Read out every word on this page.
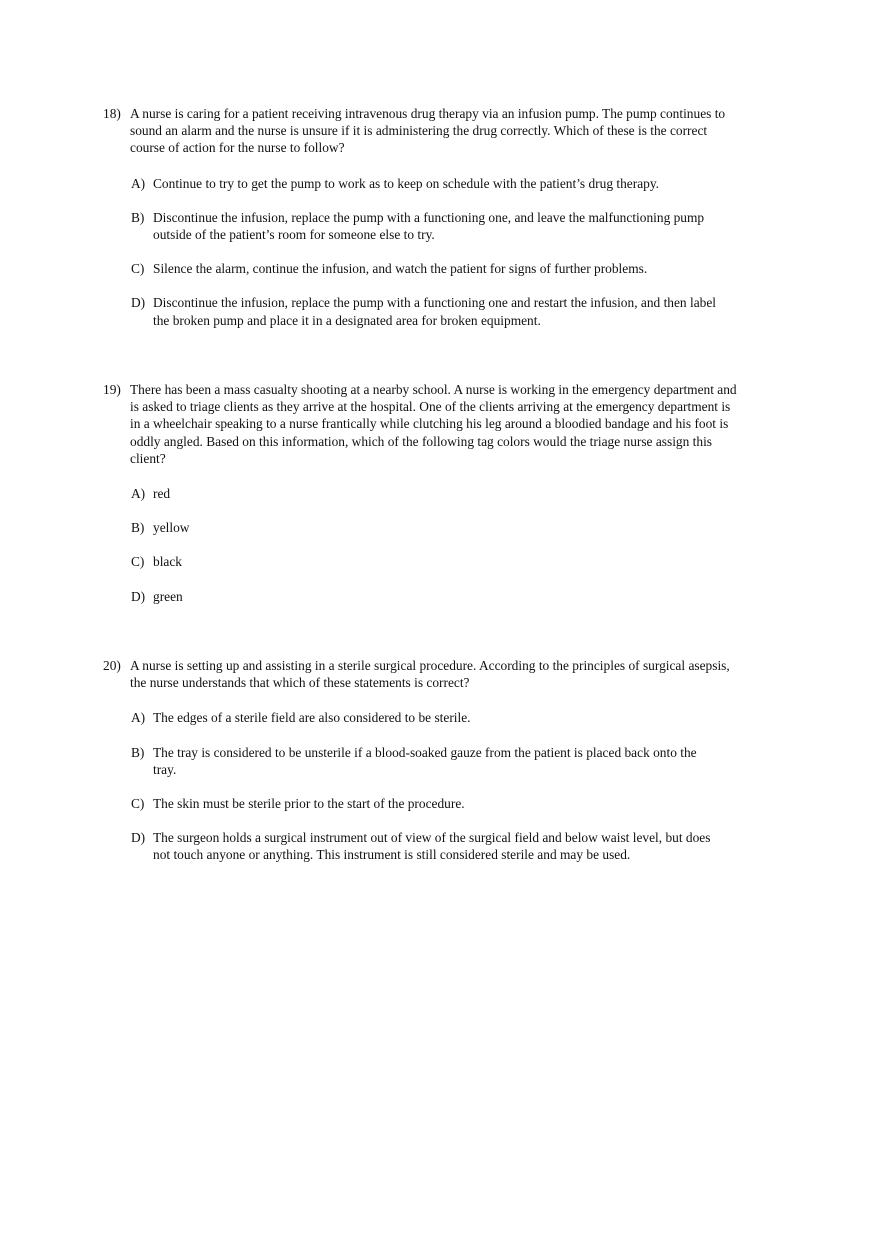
18) A nurse is caring for a patient receiving intravenous drug therapy via an infusion pump. The pump continues to sound an alarm and the nurse is unsure if it is administering the drug correctly. Which of these is the correct course of action for the nurse to follow?
A) Continue to try to get the pump to work as to keep on schedule with the patient’s drug therapy.
B) Discontinue the infusion, replace the pump with a functioning one, and leave the malfunctioning pump outside of the patient’s room for someone else to try.
C) Silence the alarm, continue the infusion, and watch the patient for signs of further problems.
D) Discontinue the infusion, replace the pump with a functioning one and restart the infusion, and then label the broken pump and place it in a designated area for broken equipment.
19) There has been a mass casualty shooting at a nearby school. A nurse is working in the emergency department and is asked to triage clients as they arrive at the hospital. One of the clients arriving at the emergency department is in a wheelchair speaking to a nurse frantically while clutching his leg around a bloodied bandage and his foot is oddly angled. Based on this information, which of the following tag colors would the triage nurse assign this client?
A) red
B) yellow
C) black
D) green
20) A nurse is setting up and assisting in a sterile surgical procedure. According to the principles of surgical asepsis, the nurse understands that which of these statements is correct?
A) The edges of a sterile field are also considered to be sterile.
B) The tray is considered to be unsterile if a blood-soaked gauze from the patient is placed back onto the tray.
C) The skin must be sterile prior to the start of the procedure.
D) The surgeon holds a surgical instrument out of view of the surgical field and below waist level, but does not touch anyone or anything. This instrument is still considered sterile and may be used.
